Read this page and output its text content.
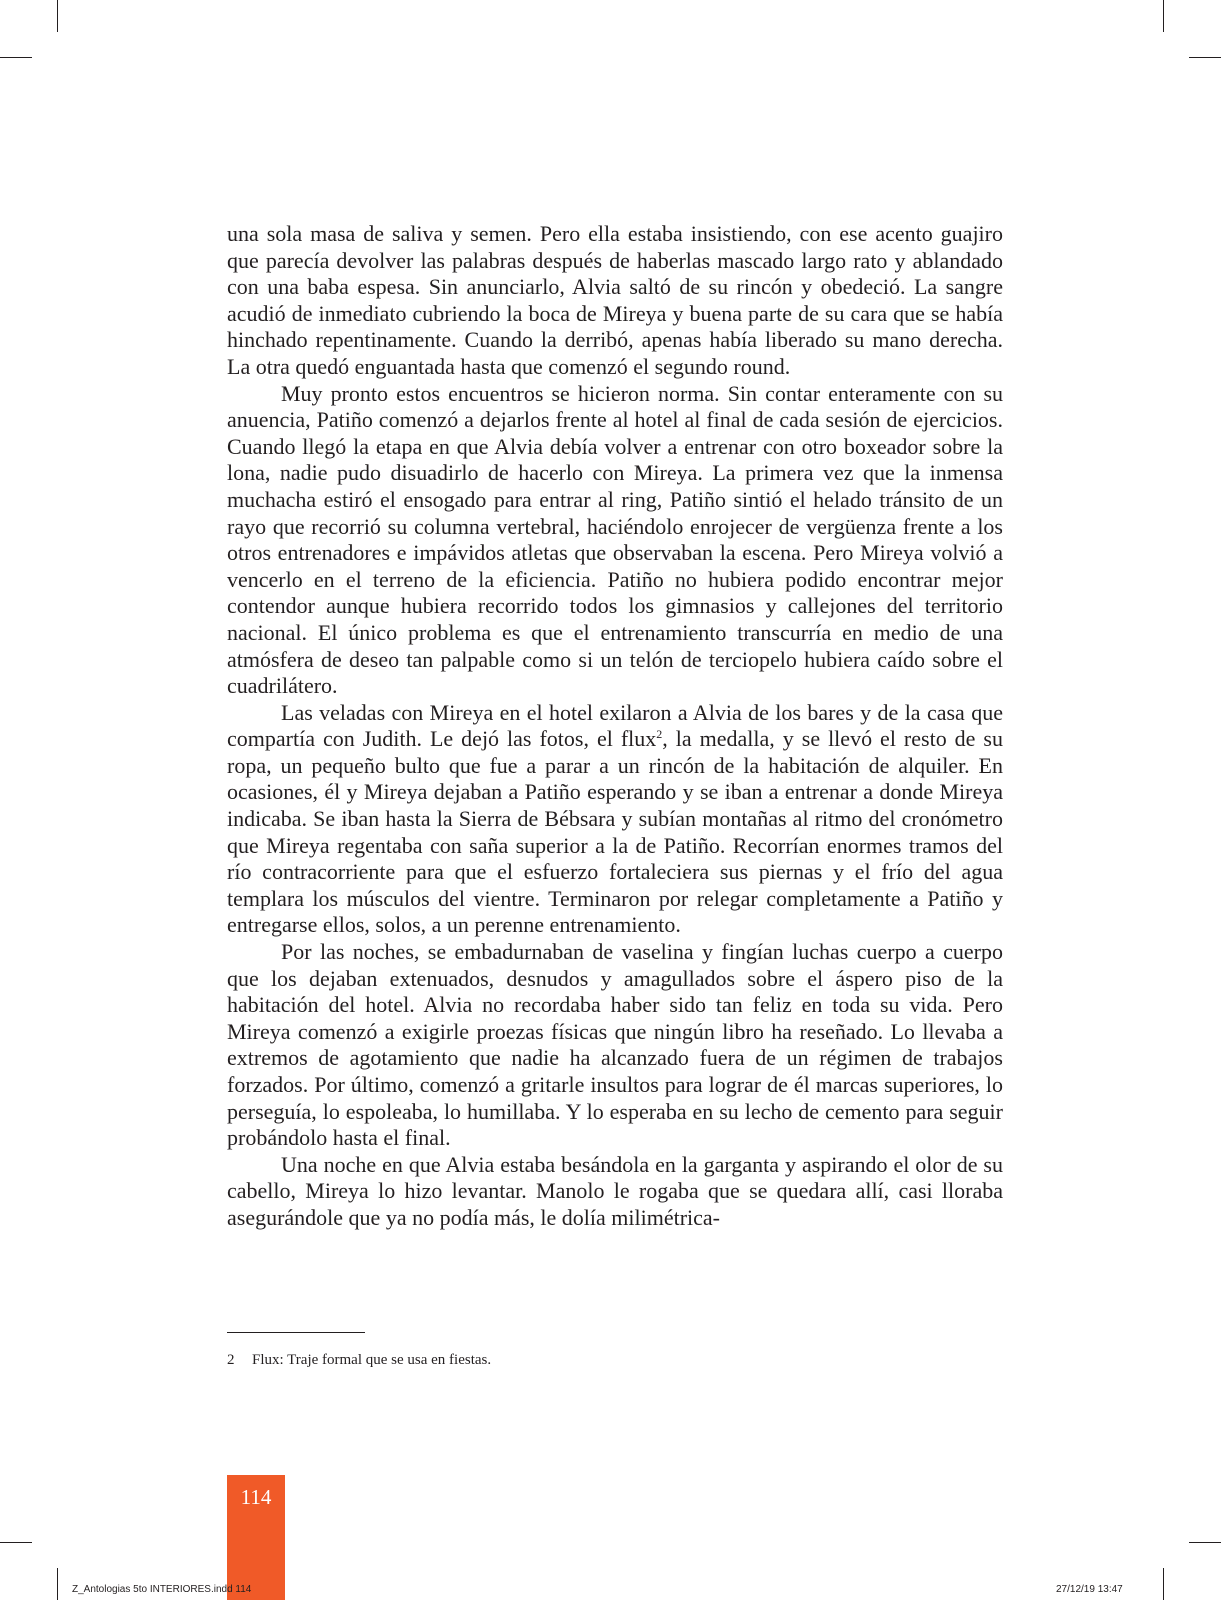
una sola masa de saliva y semen. Pero ella estaba insistiendo, con ese acento guajiro que parecía devolver las palabras después de haberlas mascado largo rato y ablandado con una baba espesa. Sin anunciarlo, Alvia saltó de su rincón y obedeció. La sangre acudió de inmediato cubriendo la boca de Mireya y buena parte de su cara que se había hinchado repentinamente. Cuando la derribó, apenas había liberado su mano derecha. La otra quedó enguantada hasta que comenzó el segundo round.

Muy pronto estos encuentros se hicieron norma. Sin contar enteramente con su anuencia, Patiño comenzó a dejarlos frente al hotel al final de cada sesión de ejercicios. Cuando llegó la etapa en que Alvia debía volver a entrenar con otro boxeador sobre la lona, nadie pudo disuadirlo de hacerlo con Mireya. La primera vez que la inmensa muchacha estiró el ensogado para entrar al ring, Patiño sintió el helado tránsito de un rayo que recorrió su columna vertebral, haciéndolo enrojecer de vergüenza frente a los otros entrenadores e impávidos atletas que observaban la escena. Pero Mireya volvió a vencerlo en el terreno de la eficiencia. Patiño no hubiera podido encontrar mejor contendor aunque hubiera recorrido todos los gimnasios y callejones del territorio nacional. El único problema es que el entrenamiento transcurría en medio de una atmósfera de deseo tan palpable como si un telón de terciopelo hubiera caído sobre el cuadrilátero.

Las veladas con Mireya en el hotel exilaron a Alvia de los bares y de la casa que compartía con Judith. Le dejó las fotos, el flux$^2$, la medalla, y se llevó el resto de su ropa, un pequeño bulto que fue a parar a un rincón de la habitación de alquiler. En ocasiones, él y Mireya dejaban a Patiño esperando y se iban a entrenar a donde Mireya indicaba. Se iban hasta la Sierra de Bébsara y subían montañas al ritmo del cronómetro que Mireya regentaba con saña superior a la de Patiño. Recorrían enormes tramos del río contracorriente para que el esfuerzo fortaleciera sus piernas y el frío del agua templara los músculos del vientre. Terminaron por relegar completamente a Patiño y entregarse ellos, solos, a un perenne entrenamiento.

Por las noches, se embadurnaban de vaselina y fingían luchas cuerpo a cuerpo que los dejaban extenuados, desnudos y amagullados sobre el áspero piso de la habitación del hotel. Alvia no recordaba haber sido tan feliz en toda su vida. Pero Mireya comenzó a exigirle proezas físicas que ningún libro ha reseñado. Lo llevaba a extremos de agotamiento que nadie ha alcanzado fuera de un régimen de trabajos forzados. Por último, comenzó a gritarle insultos para lograr de él marcas superiores, lo perseguía, lo espoleaba, lo humillaba. Y lo esperaba en su lecho de cemento para seguir probándolo hasta el final.

Una noche en que Alvia estaba besándola en la garganta y aspirando el olor de su cabello, Mireya lo hizo levantar. Manolo le rogaba que se quedara allí, casi lloraba asegurándole que ya no podía más, le dolía milimétrica-

2 Flux: Traje formal que se usa en fiestas.
114
Z_Antologias 5to INTERIORES.indd 114	27/12/19 13:47
